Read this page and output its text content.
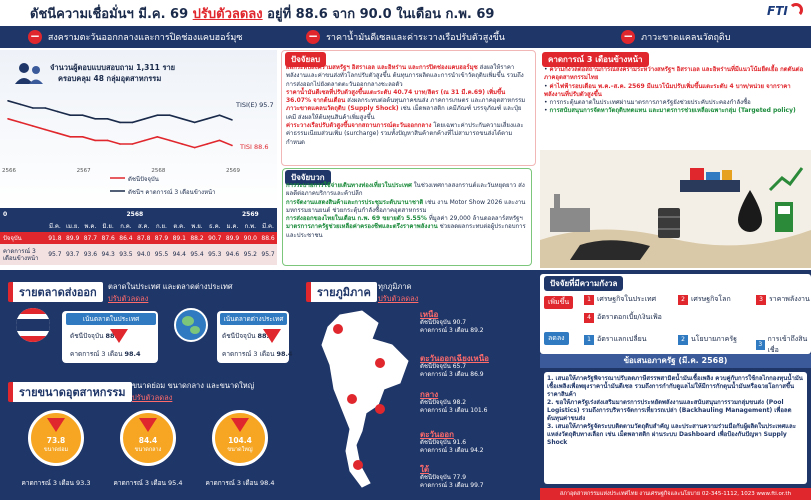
ดัชนีความเชื่อมั่นฯ มี.ค. 69 ปรับตัวลดลง อยู่ที่ 88.6 จาก 90.0 ในเดือน ก.พ. 69	FTI
− สงครามตะวันออกกลางและการปิดช่องแคบฮอร์มุซ	− ราคาน้ำมันดีเซลและค่าระวางเรือปรับตัวสูงขึ้น	− ภาวะขาดแคลนวัตถุดิบ
จำนวนผู้ตอบแบบสอบถาม 1,311 ราย
ครอบคลุม 48 กลุ่มอุตสาหกรรม
2566	2567	2568	2569
TISI(E) 95.7
TISI 88.6
ดัชนีปัจจุบัน
ดัชนีฯ คาดการณ์ 3 เดือนข้างหน้า
0	2568	2569
มี.ค. เม.ย. พ.ค.	มิ.ย.	ก.ค.	ส.ค.	ก.ย.	ต.ค.	พ.ย.	ธ.ค.	ม.ค.	ก.พ.	มี.ค.
ปัจจุบัน	91.8 89.9 87.7 87.6 86.4 87.8 87.9 89.1 88.2 90.7 89.9 90.0 88.6
คาดการณ์ 3 เดือนข้างหน้า	95.7 93.7 93.6 94.3 93.5 94.0 95.5 94.4 95.4 95.3 94.6 95.2 95.7
ปัจจัยลบ
ผลกระทบสงครามสหรัฐฯ อิสราเอล และอิหร่าน และการปิดช่องแคบฮอร์มุซ ส่งผลให้ราคาพลังงานและค่าขนส่งทั่วโลกปรับตัวสูงขึ้น ต้นทุนการผลิตและการนำเข้าวัตถุดิบเพิ่มขึ้น รวมถึงการส่งออกไปยังตลาดตะวันออกกลางชะลอตัว
ราคาน้ำมันดีเซลที่ปรับตัวสูงขึ้นแตะระดับ 40.74 บาท/ลิตร (ณ 31 มี.ค.69) เพิ่มขึ้น 36.07% จากต้นเดือน ส่งผลกระทบต่อต้นทุนภาคขนส่ง ภาคการเกษตร และภาคอุตสาหกรรม
ภาวะขาดแคลนวัตถุดิบ (Supply Shock) เช่น เม็ดพลาสติก เคมีภัณฑ์ บรรจุภัณฑ์ และปุ๋ยเคมี ส่งผลให้ต้นทุนสินค้าเพิ่มสูงขึ้น
ค่าระวางเรือปรับตัวสูงขึ้นจากสถานการณ์ตะวันออกกลาง โดยเฉพาะค่าประกันความเสี่ยงและค่าธรรมเนียมส่วนเพิ่ม (surcharge) รวมทั้งปัญหาสินค้าตกค้างที่ไม่สามารถขนส่งได้ตามกำหนด
ปัจจัยบวก
การระบายการใช้จ่ายเดินทางท่องเที่ยวในประเทศ ในช่วงเทศกาลสงกรานต์และวันหยุดยาว ส่งผลดีต่อภาคบริการและค้าปลีก
การจัดงานแสดงสินค้าและการประชุมระดับนานาชาติ เช่น งาน Motor Show 2026 และงานมหกรรมยานยนต์ ช่วยกระตุ้นกำลังซื้อภาคอุตสาหกรรม
การส่งออกของไทยในเดือน ก.พ. 69 ขยายตัว 5.55% ที่มูลค่า 29,000 ล้านดอลลาร์สหรัฐฯ
มาตรการภาครัฐช่วยเหลือค่าครองชีพและตรึงราคาพลังงาน ช่วยลดผลกระทบต่อผู้ประกอบการและประชาชน
คาดการณ์ 3 เดือนข้างหน้า
• ความกังวลต่อสถานการณ์สงครามระหว่างสหรัฐฯ อิสราเอล และอิหร่านที่มีแนวโน้มยืดเยื้อ กดดันต่อภาคอุตสาหกรรมไทย
• ค่าไฟฟ้ารอบเดือน พ.ค.–ส.ค. 2569 มีแนวโน้มปรับเพิ่มขึ้นแตะระดับ 4 บาท/หน่วย จากราคาพลังงานที่ปรับตัวสูงขึ้น
• การกระตุ้นตลาดในประเทศผ่านมาตรการภาครัฐยังช่วยประคับประคองกำลังซื้อ
• การสนับสนุนการจัดหาวัตถุดิบทดแทน และมาตรการช่วยเหลือเฉพาะกลุ่ม (Targeted policy)
รายตลาดส่งออก	ตลาดในประเทศ และตลาดต่างประเทศ
ปรับตัวลดลง
เน้นตลาดในประเทศ
ดัชนีปัจจุบัน 88.6
คาดการณ์ 3 เดือน 98.4
เน้นตลาดต่างประเทศ
ดัชนีปัจจุบัน 88.4
คาดการณ์ 3 เดือน 98.4
รายขนาดอุตสาหกรรม
ขนาดย่อม ขนาดกลาง และขนาดใหญ่
ปรับตัวลดลง
73.8
ขนาดย่อม
คาดการณ์ 3 เดือน 93.3
84.4
ขนาดกลาง
คาดการณ์ 3 เดือน 95.4
104.4
ขนาดใหญ่
คาดการณ์ 3 เดือน 98.4
รายภูมิภาค ทุกภูมิภาค
ปรับตัวลดลง
เหนือ
ดัชนีปัจจุบัน 90.7
คาดการณ์ 3 เดือน 89.2
ตะวันออกเฉียงเหนือ
ดัชนีปัจจุบัน 65.7
คาดการณ์ 3 เดือน 86.9
กลาง
ดัชนีปัจจุบัน 98.2
คาดการณ์ 3 เดือน 101.6
ตะวันออก
ดัชนีปัจจุบัน 91.6
คาดการณ์ 3 เดือน 94.2
ใต้
ดัชนีปัจจุบัน 77.9
คาดการณ์ 3 เดือน 99.7
ปัจจัยที่มีความกังวล
เพิ่มขึ้น
ลดลง
1 เศรษฐกิจในประเทศ	2 เศรษฐกิจโลก	3 ราคาพลังงาน
4 อัตราดอกเบี้ย/เงินเฟ้อ
1 อัตราแลกเปลี่ยน	2 นโยบายภาครัฐ
3
การเข้าถึงสินเชื่อ
ข้อเสนอภาครัฐ (มี.ค. 2568)
1. เสนอให้ภาครัฐพิจารณาปรับลดภาษีสรรพสามิตน้ำมันเชื้อเพลิง ควบคู่กับการใช้กลไกกองทุนน้ำมันเชื้อเพลิงเพื่อพยุงราคาน้ำมันดีเซล รวมถึงการกำกับดูแลไม่ให้มีการกักตุนน้ำมันหรือฉวยโอกาสขึ้นราคาสินค้า
2. ขอให้ภาครัฐเร่งส่งเสริมมาตรการประหยัดพลังงานและสนับสนุนการรวมกลุ่มขนส่ง (Pool Logistics) รวมถึงการบริหารจัดการเที่ยวรถเปล่า (Backhauling Management) เพื่อลดต้นทุนค่าขนส่ง
3. เสนอให้ภาครัฐจัดระบบติดตามวัตถุดิบสำคัญ และประสานความร่วมมือกับผู้ผลิตในประเทศและแหล่งวัตถุดิบทางเลือก เช่น เม็ดพลาสติก ผ่านระบบ Dashboard เพื่อป้องกันปัญหา Supply Shock
สภาอุตสาหกรรมแห่งประเทศไทย งานเศรษฐกิจและนโยบาย 02-345-1112, 1023 www.fti.or.th
